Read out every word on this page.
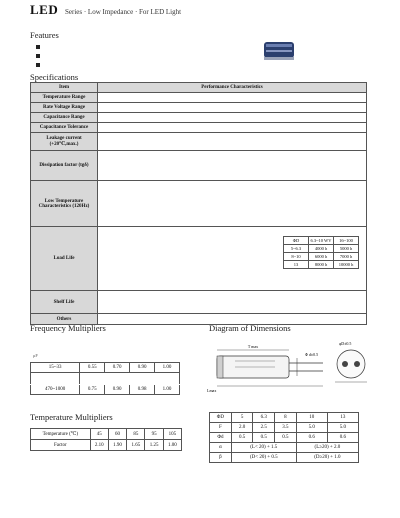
LED Series · Low Impedance · For LED Light
Features
Specifications
Item	Performance Characteristics
Temperature Range	

Rate Voltage Range	

Capacitance Range	

Capacitance Tolerance	

Leakage current (+20℃,max.)	

Dissipation factor (tgδ)	

Low Temperature Characteristics (120Hz)	

Load Life	

Shelf Life	

Others	
ΦD	6.3~10 WV	16~100
5~6.3	4000 h	5000 h
8~10	6000 h	7000 h
13	8000 h	10000 h
Frequency Multipliers
μF
15~33	0.55	0.70	0.90	1.00

470~1000	0.75	0.90	0.98	1.00
Temperature Multipliers
Temperature (℃)	45	60	85	95	105
Factor	2.10	1.90	1.65	1.25	1.00
Diagram of Dimensions
T max
Φ d±0.5
Lmax
φD±0.5
ΦD	5	6.3	8	10	13
F	2.0	2.5	3.5	5.0	5.0
Φd	0.5	0.5	0.5	0.6	0.6
α	(L< 20) + 1.5			(L≥20) + 2.0	
β	(D< 20) + 0.5			(D≥20) + 1.0	
